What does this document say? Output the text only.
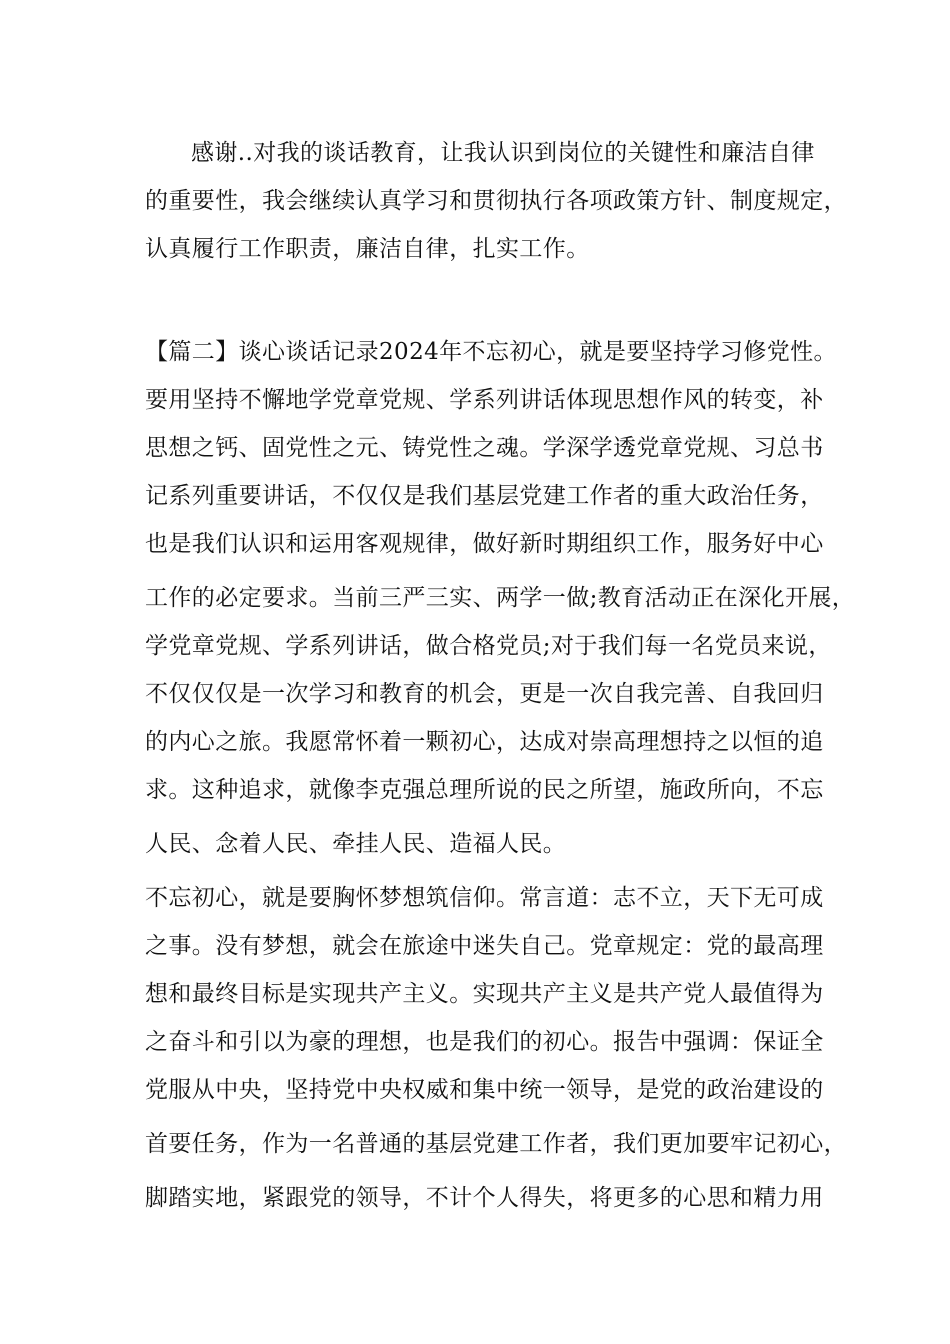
感谢..对我的谈话教育，让我认识到岗位的关键性和廉洁自律
的重要性，我会继续认真学习和贯彻执行各项政策方针、制度规定，
认真履行工作职责，廉洁自律，扎实工作。
【篇二】谈心谈话记录2024年不忘初心，就是要坚持学习修党性。
要用坚持不懈地学党章党规、学系列讲话体现思想作风的转变，补
思想之钙、固党性之元、铸党性之魂。学深学透党章党规、习总书
记系列重要讲话，不仅仅是我们基层党建工作者的重大政治任务，
也是我们认识和运用客观规律，做好新时期组织工作，服务好中心
工作的必定要求。当前三严三实、两学一做;教育活动正在深化开展，
学党章党规、学系列讲话，做合格党员;对于我们每一名党员来说，
不仅仅仅是一次学习和教育的机会，更是一次自我完善、自我回归
的内心之旅。我愿常怀着一颗初心，达成对崇高理想持之以恒的追
求。这种追求，就像李克强总理所说的民之所望，施政所向，不忘
人民、念着人民、牵挂人民、造福人民。
不忘初心，就是要胸怀梦想筑信仰。常言道：志不立，天下无可成
之事。没有梦想，就会在旅途中迷失自己。党章规定：党的最高理
想和最终目标是实现共产主义。实现共产主义是共产党人最值得为
之奋斗和引以为豪的理想，也是我们的初心。报告中强调：保证全
党服从中央，坚持党中央权威和集中统一领导，是党的政治建设的
首要任务，作为一名普通的基层党建工作者，我们更加要牢记初心，
脚踏实地，紧跟党的领导，不计个人得失，将更多的心思和精力用
